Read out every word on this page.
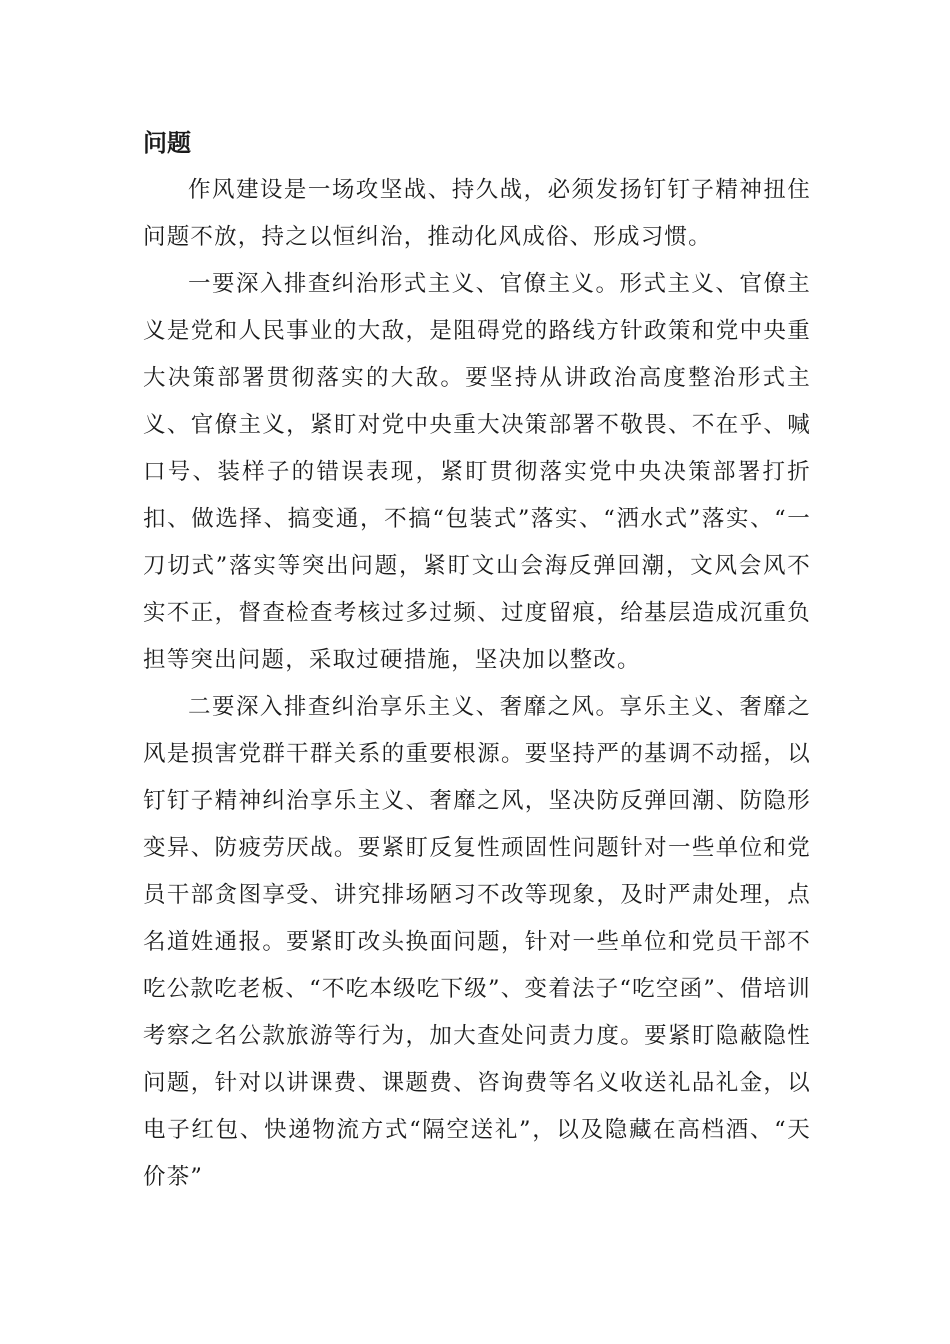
问题

作风建设是一场攻坚战、持久战，必须发扬钉钉子精神扭住问题不放，持之以恒纠治，推动化风成俗、形成习惯。

一要深入排查纠治形式主义、官僚主义。形式主义、官僚主义是党和人民事业的大敌，是阻碍党的路线方针政策和党中央重大决策部署贯彻落实的大敌。要坚持从讲政治高度整治形式主义、官僚主义，紧盯对党中央重大决策部署不敬畏、不在乎、喊口号、装样子的错误表现，紧盯贯彻落实党中央决策部署打折扣、做选择、搞变通，不搞“包装式”落实、“洒水式”落实、“一刀切式”落实等突出问题，紧盯文山会海反弹回潮，文风会风不实不正，督查检查考核过多过频、过度留痕，给基层造成沉重负担等突出问题，采取过硬措施，坚决加以整改。

二要深入排查纠治享乐主义、奢靡之风。享乐主义、奢靡之风是损害党群干群关系的重要根源。要坚持严的基调不动摇，以钉钉子精神纠治享乐主义、奢靡之风，坚决防反弹回潮、防隐形变异、防疲劳厌战。要紧盯反复性顽固性问题针对一些单位和党员干部贪图享受、讲究排场陋习不改等现象，及时严肃处理，点名道姓通报。要紧盯改头换面问题，针对一些单位和党员干部不吃公款吃老板、“不吃本级吃下级”、变着法子“吃空函”、借培训考察之名公款旅游等行为，加大查处问责力度。要紧盯隐蔽隐性问题，针对以讲课费、课题费、咨询费等名义收送礼品礼金，以电子红包、快递物流方式“隔空送礼”，以及隐藏在高档酒、“天价茶”
